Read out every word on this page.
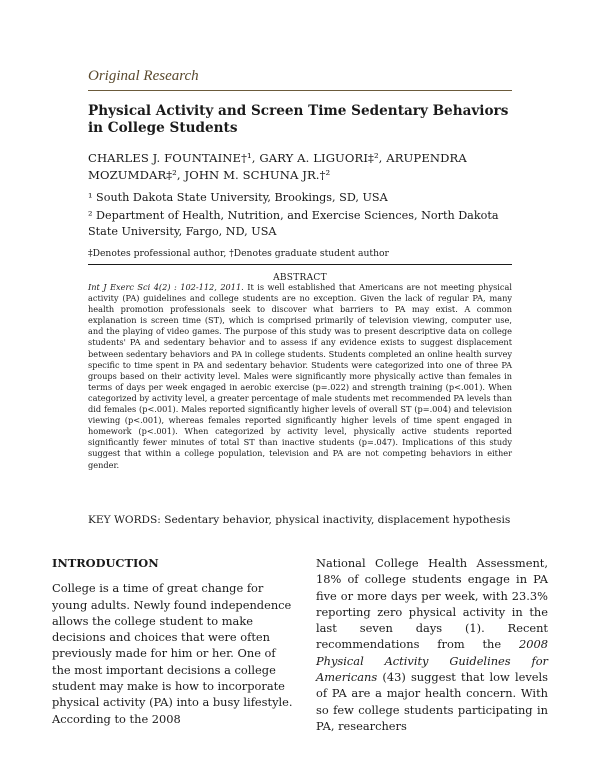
Original Research
Physical Activity and Screen Time Sedentary Behaviors in College Students
CHARLES J. FOUNTAINE†¹, GARY A. LIGUORI‡², ARUPENDRA MOZUMDAR‡², JOHN M. SCHUNA JR.†²
¹ South Dakota State University, Brookings, SD, USA
² Department of Health, Nutrition, and Exercise Sciences, North Dakota State University, Fargo, ND, USA
‡Denotes professional author, †Denotes graduate student author
ABSTRACT
Int J Exerc Sci 4(2) : 102-112, 2011. It is well established that Americans are not meeting physical activity (PA) guidelines and college students are no exception. Given the lack of regular PA, many health promotion professionals seek to discover what barriers to PA may exist. A common explanation is screen time (ST), which is comprised primarily of television viewing, computer use, and the playing of video games. The purpose of this study was to present descriptive data on college students' PA and sedentary behavior and to assess if any evidence exists to suggest displacement between sedentary behaviors and PA in college students. Students completed an online health survey specific to time spent in PA and sedentary behavior. Students were categorized into one of three PA groups based on their activity level. Males were significantly more physically active than females in terms of days per week engaged in aerobic exercise (p=.022) and strength training (p<.001). When categorized by activity level, a greater percentage of male students met recommended PA levels than did females (p<.001). Males reported significantly higher levels of overall ST (p=.004) and television viewing (p<.001), whereas females reported significantly higher levels of time spent engaged in homework (p<.001). When categorized by activity level, physically active students reported significantly fewer minutes of total ST than inactive students (p=.047). Implications of this study suggest that within a college population, television and PA are not competing behaviors in either gender.
KEY WORDS: Sedentary behavior, physical inactivity, displacement hypothesis
INTRODUCTION
College is a time of great change for young adults. Newly found independence allows the college student to make decisions and choices that were often previously made for him or her. One of the most important decisions a college student may make is how to incorporate physical activity (PA) into a busy lifestyle. According to the 2008
National College Health Assessment, 18% of college students engage in PA five or more days per week, with 23.3% reporting zero physical activity in the last seven days (1). Recent recommendations from the 2008 Physical Activity Guidelines for Americans (43) suggest that low levels of PA are a major health concern. With so few college students participating in PA, researchers
